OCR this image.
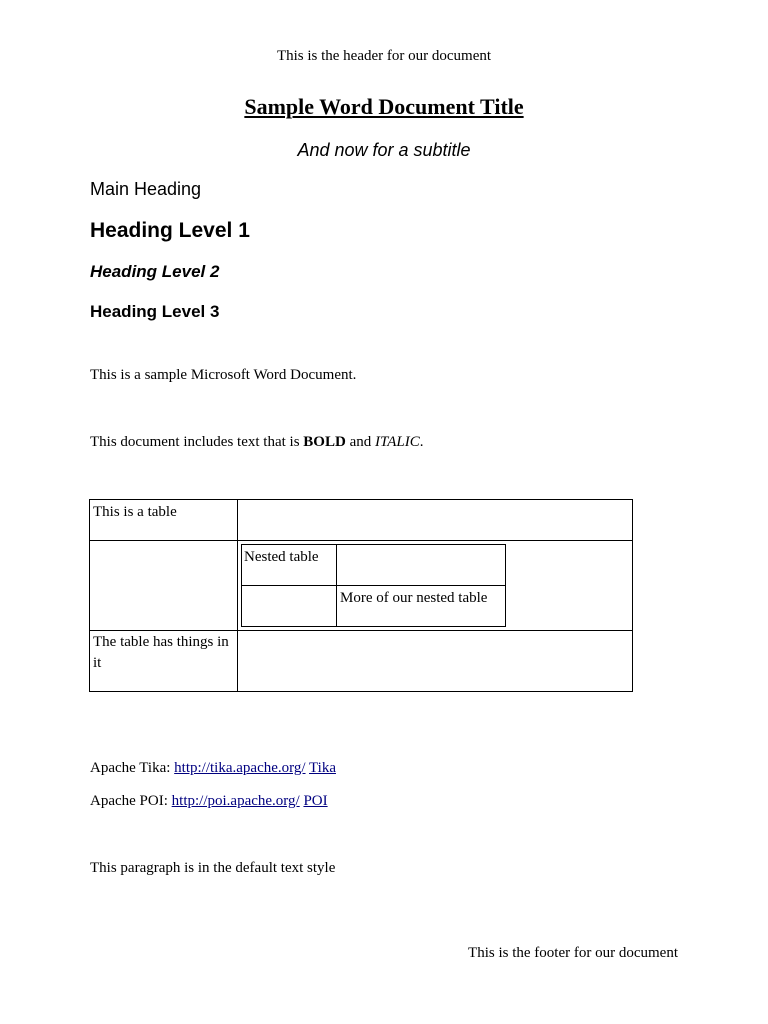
This is the header for our document
Sample Word Document Title
And now for a subtitle
Main Heading
Heading Level 1
Heading Level 2
Heading Level 3
This is a sample Microsoft Word Document.
This document includes text that is BOLD and ITALIC.
This is a table
The table has things in it
Nested table
More of our nested table
Apache Tika: http://tika.apache.org/ Tika
Apache POI: http://poi.apache.org/ POI
This paragraph is in the default text style
This is the footer for our document
